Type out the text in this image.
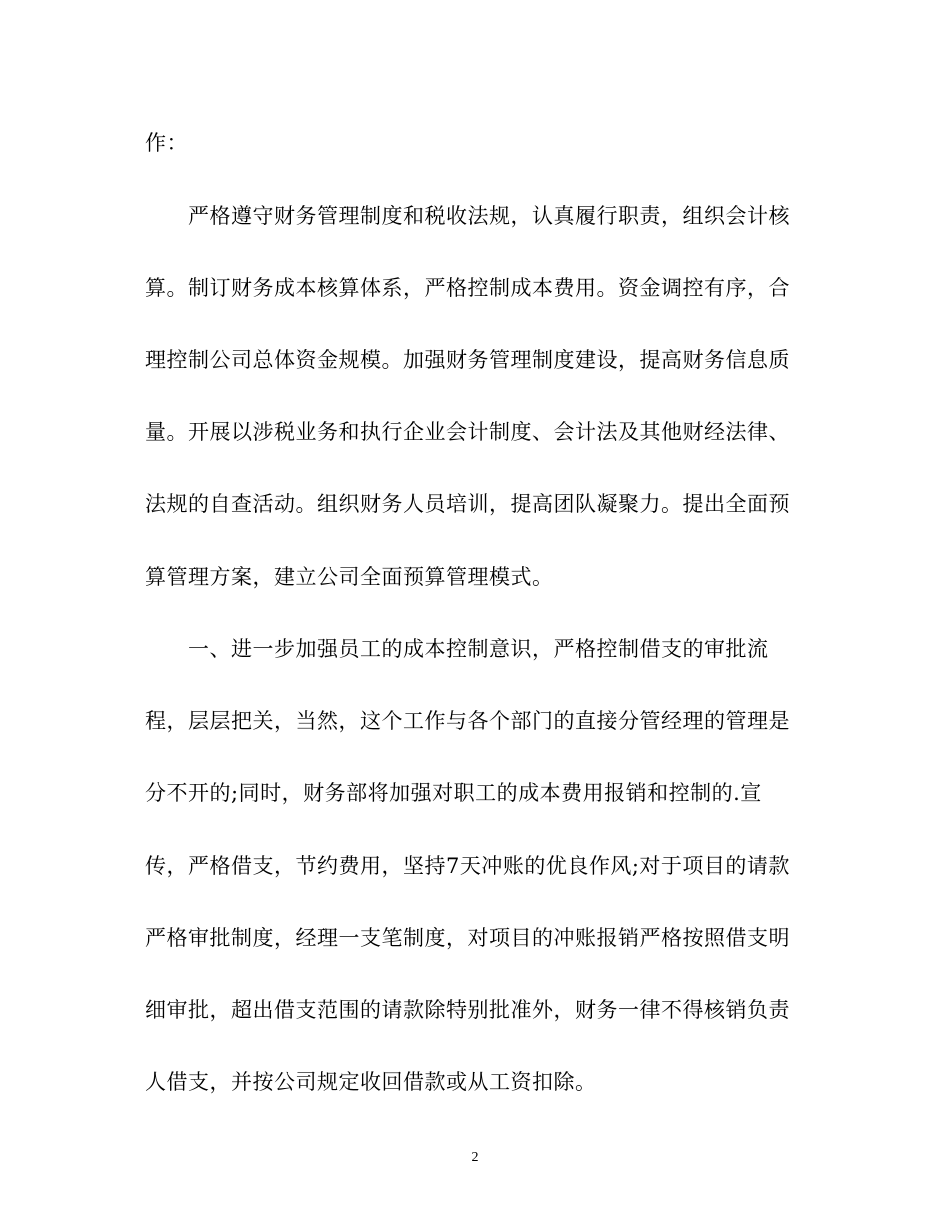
作：
　　严格遵守财务管理制度和税收法规，认真履行职责，组织会计核
算。制订财务成本核算体系，严格控制成本费用。资金调控有序，合
理控制公司总体资金规模。加强财务管理制度建设，提高财务信息质
量。开展以涉税业务和执行企业会计制度、会计法及其他财经法律、
法规的自查活动。组织财务人员培训，提高团队凝聚力。提出全面预
算管理方案，建立公司全面预算管理模式。
　　一、进一步加强员工的成本控制意识，严格控制借支的审批流
程，层层把关，当然，这个工作与各个部门的直接分管经理的管理是
分不开的;同时，财务部将加强对职工的成本费用报销和控制的.宣
传，严格借支，节约费用，坚持7天冲账的优良作风;对于项目的请款
严格审批制度，经理一支笔制度，对项目的冲账报销严格按照借支明
细审批，超出借支范围的请款除特别批准外，财务一律不得核销负责
人借支，并按公司规定收回借款或从工资扣除。
2
